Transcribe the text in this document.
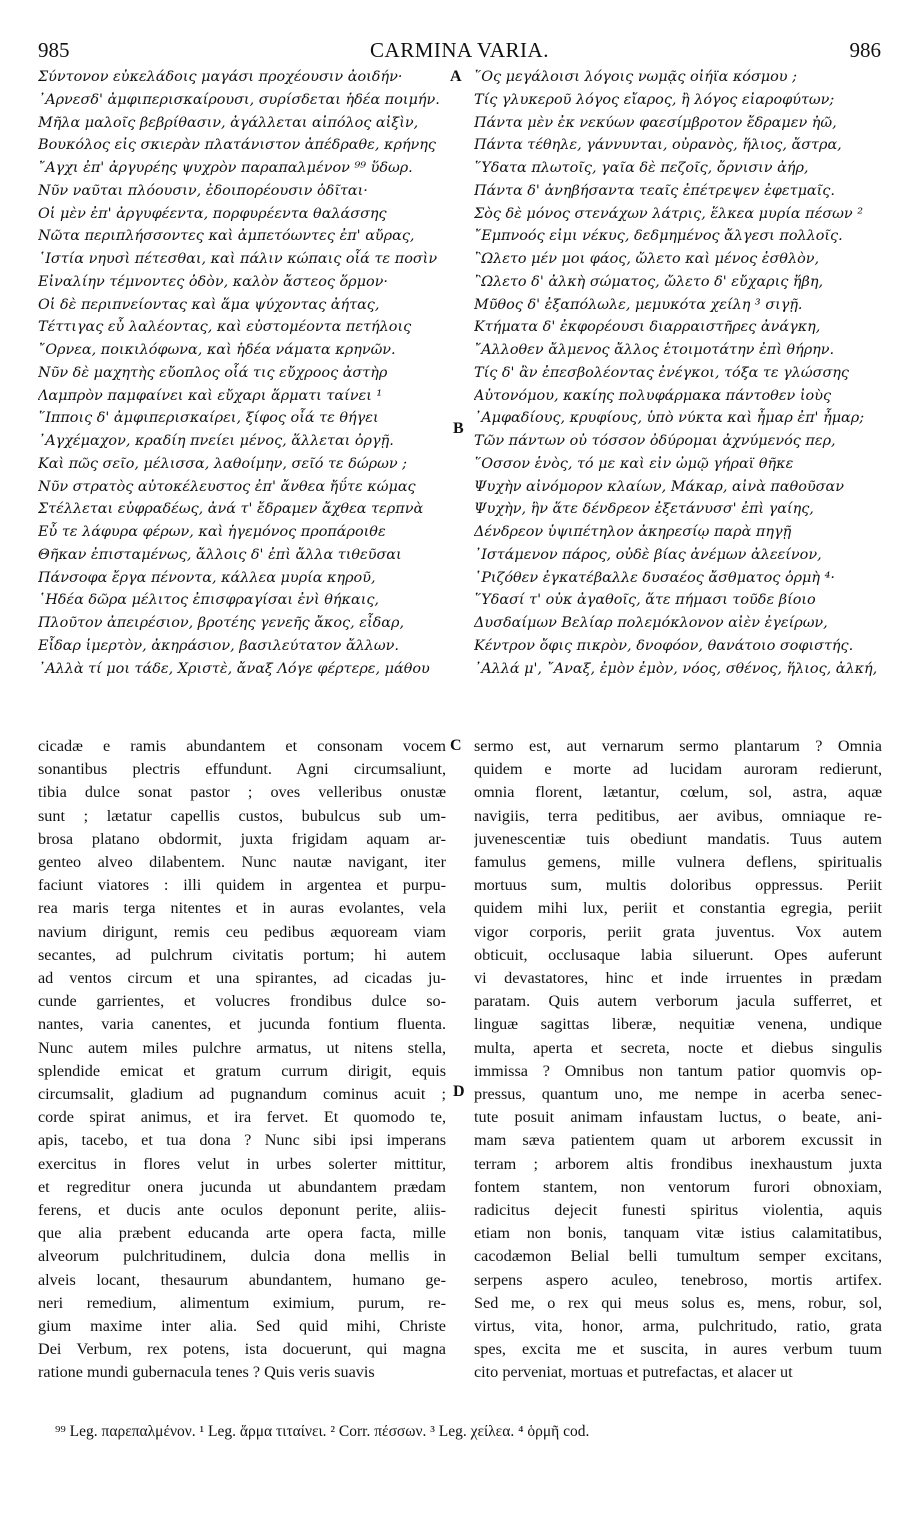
985	CARMINA VARIA.	986
A
B
C
D
Σύντονον εὐκελάδοις μαγάσι προχέουσιν ἀοιδήν·
᾿Αρνεσδ' ἀμφιπερισκαίρουσι, συρίσδεται ἡδέα ποιμήν.
Μῆλα μαλοῖς βεβρίθασιν, ἀγάλλεται αἰπόλος αἰξὶν,
Βουκόλος εἰς σκιερὰν πλατάνιστον ἀπέδραθε, κρήνης
῎Αγχι ἐπ' ἀργυρέης ψυχρὸν παραπαλμένον ⁹⁹ ὕδωρ.
Νῦν ναῦται πλόουσιν, ἐδοιπορέουσιν ὁδῖται·
Οἱ μὲν ἐπ' ἀργυφέεντα, πορφυρέεντα θαλάσσης
Νῶτα περιπλήσσοντες καὶ ἀμπετόωντες ἐπ' αὔρας,
῾Ιστία νηυσὶ πέτεσθαι, καὶ πάλιν κώπαις οἷά τε ποσὶν
Εἰναλίην τέμνοντες ὁδὸν, καλὸν ἄστεος ὅρμον·
Οἱ δὲ περιπνείοντας καὶ ἅμα ψύχοντας ἀήτας,
Τέττιγας εὖ λαλέοντας, καὶ εὐστομέοντα πετήλοις
῎Ορνεα, ποικιλόφωνα, καὶ ἡδέα νάματα κρηνῶν.
Νῦν δὲ μαχητὴς εὔοπλος οἷά τις εὔχροος ἀστὴρ
Λαμπρὸν παμφαίνει καὶ εὔχαρι ἅρματι ταίνει ¹
῞Ιπποις δ' ἀμφιπερισκαίρει, ξίφος οἷά τε θήγει
᾿Αγχέμαχον, κραδίη πνείει μένος, ἅλλεται ὀργῇ.
Καὶ πῶς σεῖο, μέλισσα, λαθοίμην, σεῖό τε δώρων ;
Νῦν στρατὸς αὐτοκέλευστος ἐπ' ἄνθεα ἤΰτε κώμας
Στέλλεται εὐφραδέως, ἀνά τ' ἔδραμεν ἄχθεα τερπνὰ
Εὖ τε λάφυρα φέρων, καὶ ἡγεμόνος προπάροιθε
Θῆκαν ἐπισταμένως, ἄλλοις δ' ἐπὶ ἄλλα τιθεῦσαι
Πάνσοφα ἔργα πένοντα, κάλλεα μυρία κηροῦ,
῾Ηδέα δῶρα μέλιτος ἐπισφραγίσαι ἐνὶ θήκαις,
Πλοῦτον ἀπειρέσιον, βροτέης γενεῆς ἄκος, εἶδαρ,
Εἶδαρ ἱμερτὸν, ἀκηράσιον, βασιλεύτατον ἄλλων.
᾿Αλλὰ τί μοι τάδε, Χριστὲ, ἄναξ Λόγε φέρτερε, μάθου
῞Ος μεγάλοισι λόγοις νωμᾷς οἰήϊα κόσμου ;
Τίς γλυκεροῦ λόγος εἴαρος, ἢ λόγος εἰαροφύτων;
Πάντα μὲν ἐκ νεκύων φαεσίμβροτον ἔδραμεν ἠῶ,
Πάντα τέθηλε, γάννυνται, οὐρανὸς, ἥλιος, ἄστρα,
῞Υδατα πλωτοῖς, γαῖα δὲ πεζοῖς, ὄρνισιν ἀήρ,
Πάντα δ' ἀνηβήσαντα τεαῖς ἐπέτρεψεν ἐφετμαῖς.
Σὸς δὲ μόνος στενάχων λάτρις, ἕλκεα μυρία πέσων ²
῎Εμπνοός εἰμι νέκυς, δεδμημένος ἄλγεσι πολλοῖς.
῍Ωλετο μέν μοι φάος, ὤλετο καὶ μένος ἐσθλὸν,
῍Ωλετο δ' ἀλκὴ σώματος, ὤλετο δ' εὔχαρις ἥβη,
Μῦθος δ' ἐξαπόλωλε, μεμυκότα χείλη ³ σιγῇ.
Κτήματα δ' ἐκφορέουσι διαρραιστῆρες ἀνάγκη,
῎Αλλοθεν ἄλμενος ἄλλος ἑτοιμοτάτην ἐπὶ θήρην.
Τίς δ' ἂν ἐπεσβολέοντας ἐνέγκοι, τόξα τε γλώσσης
Αὐτονόμου, κακίης πολυφάρμακα πάντοθεν ἰοὺς
᾿Αμφαδίους, κρυφίους, ὑπὸ νύκτα καὶ ἦμαρ ἐπ' ἦμαρ;
Τῶν πάντων οὐ τόσσον ὀδύρομαι ἀχνύμενός περ,
῞Οσσον ἑνὸς, τό με καὶ εἰν ὠμῷ γήραϊ θῆκε
Ψυχὴν αἰνόμορον κλαίων, Μάκαρ, αἰνὰ παθοῦσαν
Ψυχὴν, ἣν ἅτε δένδρεον ἐξετάνυσσ' ἐπὶ γαίης,
Δένδρεον ὑψιπέτηλον ἀκηρεσίῳ παρὰ πηγῇ
᾿Ιστάμενον πάρος, οὐδὲ βίας ἀνέμων ἀλεείνον,
῾Ριζόθεν ἐγκατέβαλλε δυσαέος ἄσθματος ὁρμὴ ⁴·
῞Υδασί τ' οὐκ ἀγαθοῖς, ἅτε πήμασι τοῦδε βίοιο
Δυσδαίμων Βελίαρ πολεμόκλονον αἰὲν ἐγείρων,
Κέντρον ὄφις πικρὸν, δνοφόον, θανάτοιο σοφιστής.
᾿Αλλά μ', ῎Αναξ, ἐμὸν ἐμὸν, νόος, σθένος, ἥλιος, ἀλκή,
cicadæ e ramis abundantem et consonam vocem
sonantibus plectris effundunt. Agni circumsaliunt,
tibia dulce sonat pastor ; oves velleribus onustæ
sunt ; lætatur capellis custos, bubulcus sub um-
brosa platano obdormit, juxta frigidam aquam ar-
genteo alveo dilabentem. Nunc nautæ navigant, iter
faciunt viatores : illi quidem in argentea et purpu-
rea maris terga nitentes et in auras evolantes, vela
navium dirigunt, remis ceu pedibus æquoream viam
secantes, ad pulchrum civitatis portum; hi autem
ad ventos circum et una spirantes, ad cicadas ju-
cunde garrientes, et volucres frondibus dulce so-
nantes, varia canentes, et jucunda fontium fluenta.
Nunc autem miles pulchre armatus, ut nitens stella,
splendide emicat et gratum currum dirigit, equis
circumsalit, gladium ad pugnandum cominus acuit ;
corde spirat animus, et ira fervet. Et quomodo te,
apis, tacebo, et tua dona ? Nunc sibi ipsi imperans
exercitus in flores velut in urbes solerter mittitur,
et regreditur onera jucunda ut abundantem prædam
ferens, et ducis ante oculos deponunt perite, aliis-
que alia præbent educanda arte opera facta, mille
alveorum pulchritudinem, dulcia dona mellis in
alveis locant, thesaurum abundantem, humano ge-
neri remedium, alimentum eximium, purum, re-
gium maxime inter alia. Sed quid mihi, Christe
Dei Verbum, rex potens, ista docuerunt, qui magna
ratione mundi gubernacula tenes ? Quis veris suavis
sermo est, aut vernarum sermo plantarum ? Omnia
quidem e morte ad lucidam auroram redierunt,
omnia florent, lætantur, cœlum, sol, astra, aquæ
navigiis, terra peditibus, aer avibus, omniaque re-
juvenescentiæ tuis obediunt mandatis. Tuus autem
famulus gemens, mille vulnera deflens, spiritualis
mortuus sum, multis doloribus oppressus. Periit
quidem mihi lux, periit et constantia egregia, periit
vigor corporis, periit grata juventus. Vox autem
obticuit, occlusaque labia siluerunt. Opes auferunt
vi devastatores, hinc et inde irruentes in prædam
paratam. Quis autem verborum jacula sufferret, et
linguæ sagittas liberæ, nequitiæ venena, undique
multa, aperta et secreta, nocte et diebus singulis
immissa ? Omnibus non tantum patior quomvis op-
pressus, quantum uno, me nempe in acerba senec-
tute posuit animam infaustam luctus, o beate, ani-
mam sæva patientem quam ut arborem excussit in
terram ; arborem altis frondibus inexhaustum juxta
fontem stantem, non ventorum furori obnoxiam,
radicitus dejecit funesti spiritus violentia, aquis
etiam non bonis, tanquam vitæ istius calamitatibus,
cacodæmon Belial belli tumultum semper excitans,
serpens aspero aculeo, tenebroso, mortis artifex.
Sed me, o rex qui meus solus es, mens, robur, sol,
virtus, vita, honor, arma, pulchritudo, ratio, grata
spes, excita me et suscita, in aures verbum tuum
cito perveniat, mortuas et putrefactas, et alacer ut
⁹⁹ Leg. παρεπαλμένον. ¹ Leg. ἅρμα τιταίνει. ² Corr. πέσσων. ³ Leg. χείλεα. ⁴ ὁρμῆ cod.
